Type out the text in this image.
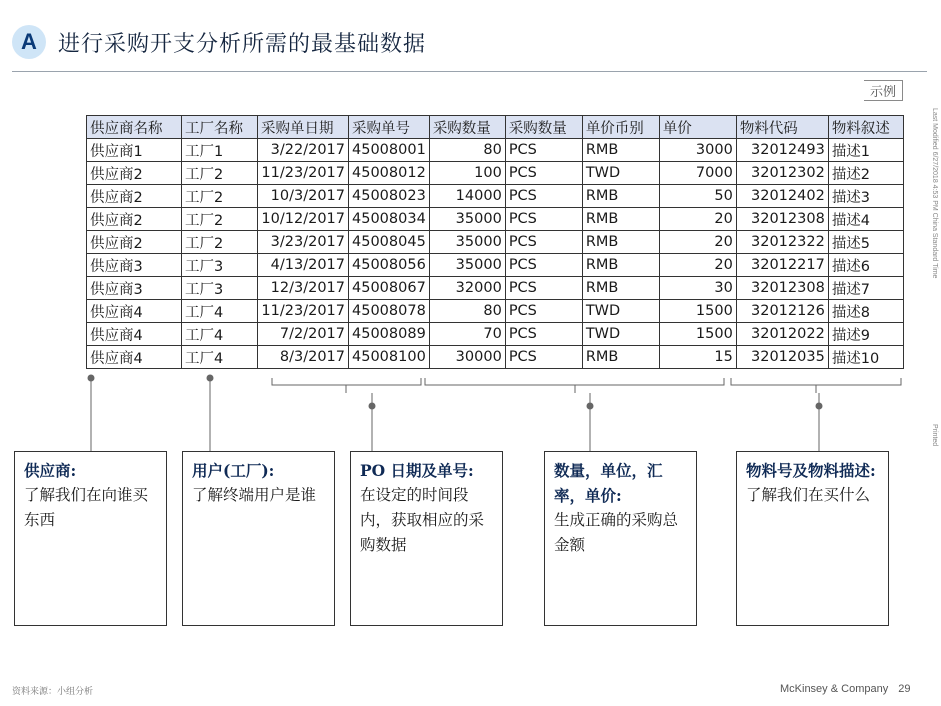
A 进行采购开支分析所需的最基础数据
示例
Last Modified 6/27/2018 4:53 PM China Standard Time
Printed
供应商名称	工厂名称	采购单日期	采购单号	采购数量	采购数量	单价币别	单价	物料代码	物料叙述
供应商1	工厂1	3/22/2017	45008001	80	PCS	RMB	3000	32012493	描述1
供应商2	工厂2	11/23/2017	45008012	100	PCS	TWD	7000	32012302	描述2
供应商2	工厂2	10/3/2017	45008023	14000	PCS	RMB	50	32012402	描述3
供应商2	工厂2	10/12/2017	45008034	35000	PCS	RMB	20	32012308	描述4
供应商2	工厂2	3/23/2017	45008045	35000	PCS	RMB	20	32012322	描述5
供应商3	工厂3	4/13/2017	45008056	35000	PCS	RMB	20	32012217	描述6
供应商3	工厂3	12/3/2017	45008067	32000	PCS	RMB	30	32012308	描述7
供应商4	工厂4	11/23/2017	45008078	80	PCS	TWD	1500	32012126	描述8
供应商4	工厂4	7/2/2017	45008089	70	PCS	TWD	1500	32012022	描述9
供应商4	工厂4	8/3/2017	45008100	30000	PCS	RMB	15	32012035	描述10
供应商:
了解我们在向谁买东西
用户(工厂):
了解终端用户是谁
PO 日期及单号:
在设定的时间段内，获取相应的采购数据
数量，单位，汇率，单价:
生成正确的采购总金额
物料号及物料描述:
了解我们在买什么
资料来源：小组分析	McKinsey & Company 29
